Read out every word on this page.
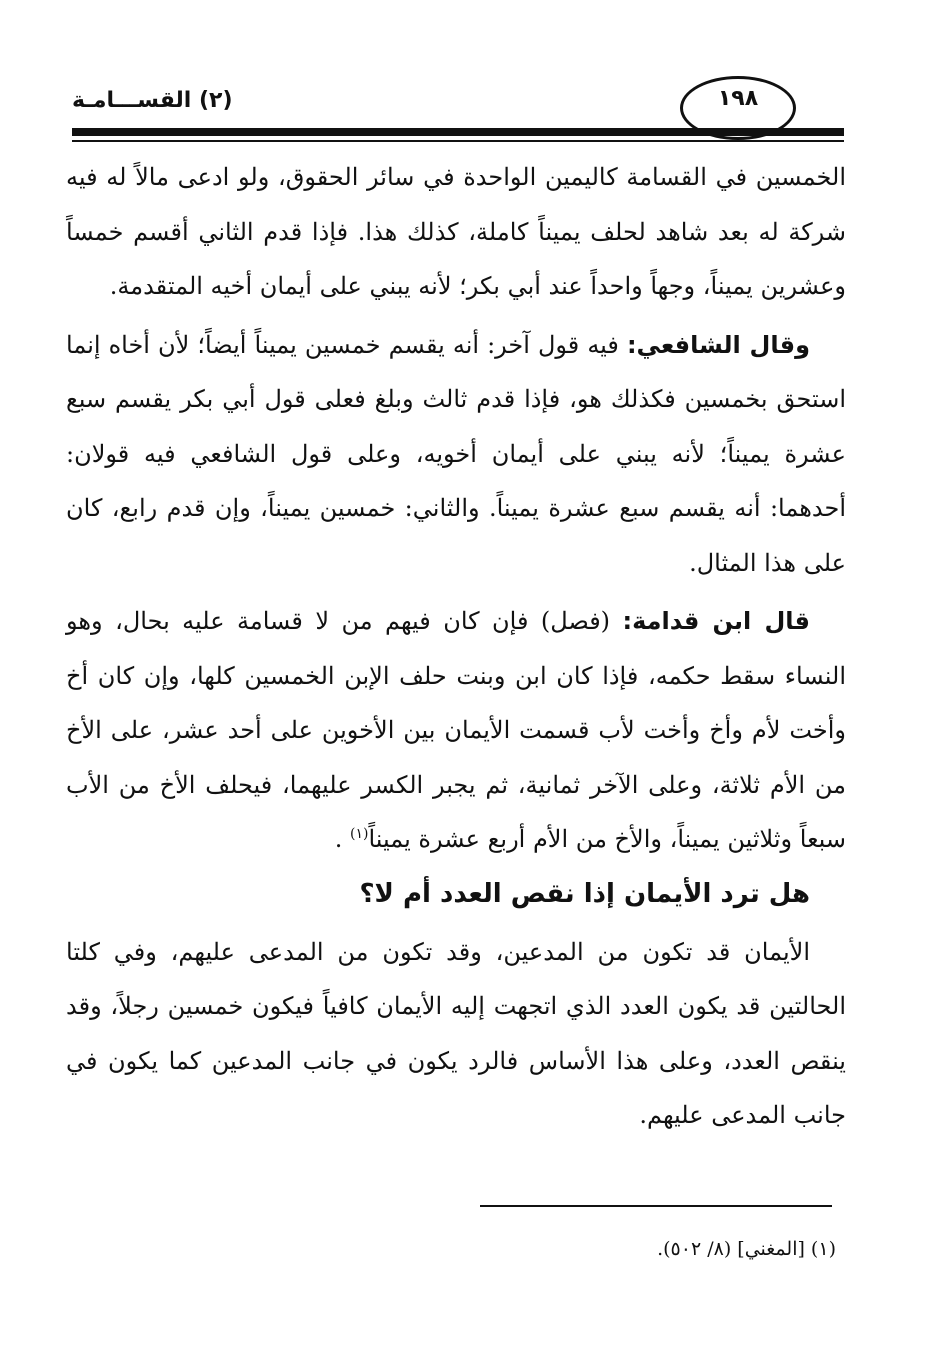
(٢) القســـامـة	١٩٨

الخمسين في القسامة كاليمين الواحدة في سائر الحقوق، ولو ادعى مالاً له فيه شركة له بعد شاهد لحلف يميناً كاملة، كذلك هذا. فإذا قدم الثاني أقسم خمساً وعشرين يميناً، وجهاً واحداً عند أبي بكر؛ لأنه يبني على أيمان أخيه المتقدمة.

وقال الشافعي: فيه قول آخر: أنه يقسم خمسين يميناً أيضاً؛ لأن أخاه إنما استحق بخمسين فكذلك هو، فإذا قدم ثالث وبلغ فعلى قول أبي بكر يقسم سبع عشرة يميناً؛ لأنه يبني على أيمان أخويه، وعلى قول الشافعي فيه قولان: أحدهما: أنه يقسم سبع عشرة يميناً. والثاني: خمسين يميناً، وإن قدم رابع، كان على هذا المثال.

قال ابن قدامة: (فصل) فإن كان فيهم من لا قسامة عليه بحال، وهو النساء سقط حكمه، فإذا كان ابن وبنت حلف الإبن الخمسين كلها، وإن كان أخ وأخت لأم وأخ وأخت لأب قسمت الأيمان بين الأخوين على أحد عشر، على الأخ من الأم ثلاثة، وعلى الآخر ثمانية، ثم يجبر الكسر عليهما، فيحلف الأخ من الأب سبعاً وثلاثين يميناً، والأخ من الأم أربع عشرة يميناً$^{(١)}$ .

هل ترد الأيمان إذا نقص العدد أم لا؟

الأيمان قد تكون من المدعين، وقد تكون من المدعى عليهم، وفي كلتا الحالتين قد يكون العدد الذي اتجهت إليه الأيمان كافياً فيكون خمسين رجلاً، وقد ينقص العدد، وعلى هذا الأساس فالرد يكون في جانب المدعين كما يكون في جانب المدعى عليهم.

(١) [المغني] (٨/ ٥٠٢).
